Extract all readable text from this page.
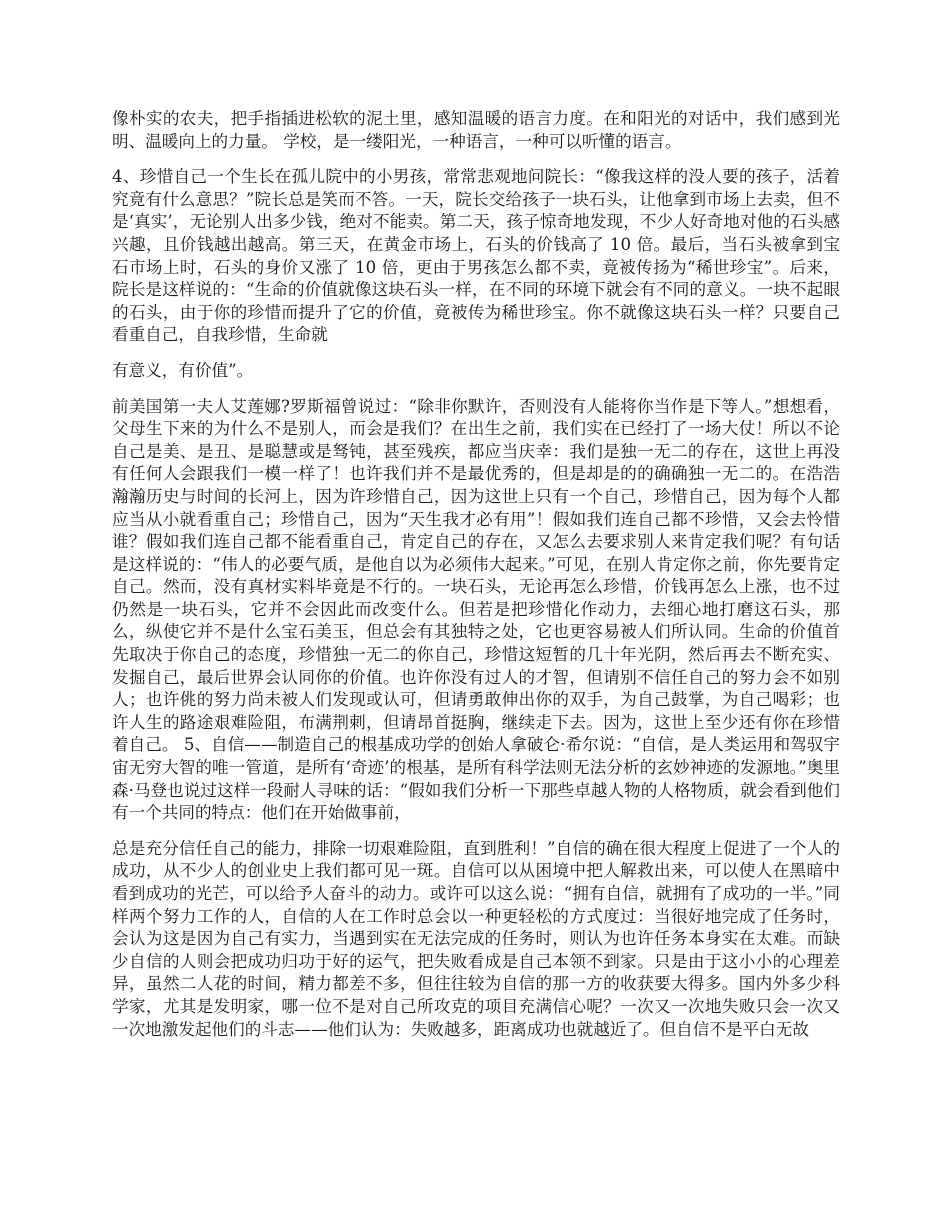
像朴实的农夫，把手指插进松软的泥土里，感知温暖的语言力度。在和阳光的对话中，我们感到光明、温暖向上的力量。 学校，是一缕阳光，一种语言，一种可以听懂的语言。

4、珍惜自己一个生长在孤儿院中的小男孩，常常悲观地问院长：“像我这样的没人要的孩子，活着究竟有什么意思？”院长总是笑而不答。一天，院长交给孩子一块石头，让他拿到市场上去卖，但不是‘真实’，无论别人出多少钱，绝对不能卖。第二天，孩子惊奇地发现，不少人好奇地对他的石头感兴趣，且价钱越出越高。第三天，在黄金市场上，石头的价钱高了 10 倍。最后，当石头被拿到宝石市场上时，石头的身价又涨了 10 倍，更由于男孩怎么都不卖，竟被传扬为“稀世珍宝”。后来，院长是这样说的：“生命的价值就像这块石头一样，在不同的环境下就会有不同的意义。一块不起眼的石头，由于你的珍惜而提升了它的价值，竟被传为稀世珍宝。你不就像这块石头一样？只要自己看重自己，自我珍惜，生命就

有意义，有价值”。

前美国第一夫人艾莲娜?罗斯福曾说过：“除非你默许，否则没有人能将你当作是下等人。”想想看，父母生下来的为什么不是别人，而会是我们？在出生之前，我们实在已经打了一场大仗！所以不论自己是美、是丑、是聪慧或是驽钝，甚至残疾，都应当庆幸：我们是独一无二的存在，这世上再没有任何人会跟我们一模一样了！也许我们并不是最优秀的，但是却是的的确确独一无二的。在浩浩瀚瀚历史与时间的长河上，因为许珍惜自己，因为这世上只有一个自己，珍惜自己，因为每个人都应当从小就看重自己；珍惜自己，因为“天生我才必有用”！假如我们连自己都不珍惜，又会去怜惜谁？假如我们连自己都不能看重自己，肯定自己的存在，又怎么去要求别人来肯定我们呢？有句话是这样说的：“伟人的必要气质，是他自以为必须伟大起来。”可见，在别人肯定你之前，你先要肯定自己。然而，没有真材实料毕竟是不行的。一块石头，无论再怎么珍惜，价钱再怎么上涨，也不过仍然是一块石头，它并不会因此而改变什么。但若是把珍惜化作动力，去细心地打磨这石头，那么，纵使它并不是什么宝石美玉，但总会有其独特之处，它也更容易被人们所认同。生命的价值首先取决于你自己的态度，珍惜独一无二的你自己，珍惜这短暂的几十年光阴，然后再去不断充实、发掘自己，最后世界会认同你的价值。也许你没有过人的才智，但请别不信任自己的努力会不如别人；也许佻的努力尚未被人们发现或认可，但请勇敢伸出你的双手，为自己鼓掌，为自己喝彩；也许人生的路途艰难险阻，布满荆刺，但请昂首挺胸，继续走下去。因为，这世上至少还有你在珍惜着自己。 5、自信——制造自己的根基成功学的创始人拿破仑·希尔说：“自信，是人类运用和驾驭宇宙无穷大智的唯一管道，是所有‘奇迹’的根基，是所有科学法则无法分析的玄妙神迹的发源地。”奥里森·马登也说过这样一段耐人寻味的话：“假如我们分析一下那些卓越人物的人格物质，就会看到他们有一个共同的特点：他们在开始做事前，

总是充分信任自己的能力，排除一切艰难险阻，直到胜利！”自信的确在很大程度上促进了一个人的成功，从不少人的创业史上我们都可见一斑。自信可以从困境中把人解救出来，可以使人在黑暗中看到成功的光芒，可以给予人奋斗的动力。或许可以这么说：“拥有自信，就拥有了成功的一半。”同样两个努力工作的人，自信的人在工作时总会以一种更轻松的方式度过：当很好地完成了任务时，会认为这是因为自己有实力，当遇到实在无法完成的任务时，则认为也许任务本身实在太难。而缺少自信的人则会把成功归功于好的运气，把失败看成是自己本领不到家。只是由于这小小的心理差异，虽然二人花的时间，精力都差不多，但往往较为自信的那一方的收获要大得多。国内外多少科学家，尤其是发明家，哪一位不是对自己所攻克的项目充满信心呢？一次又一次地失败只会一次又一次地激发起他们的斗志——他们认为：失败越多，距离成功也就越近了。但自信不是平白无故
